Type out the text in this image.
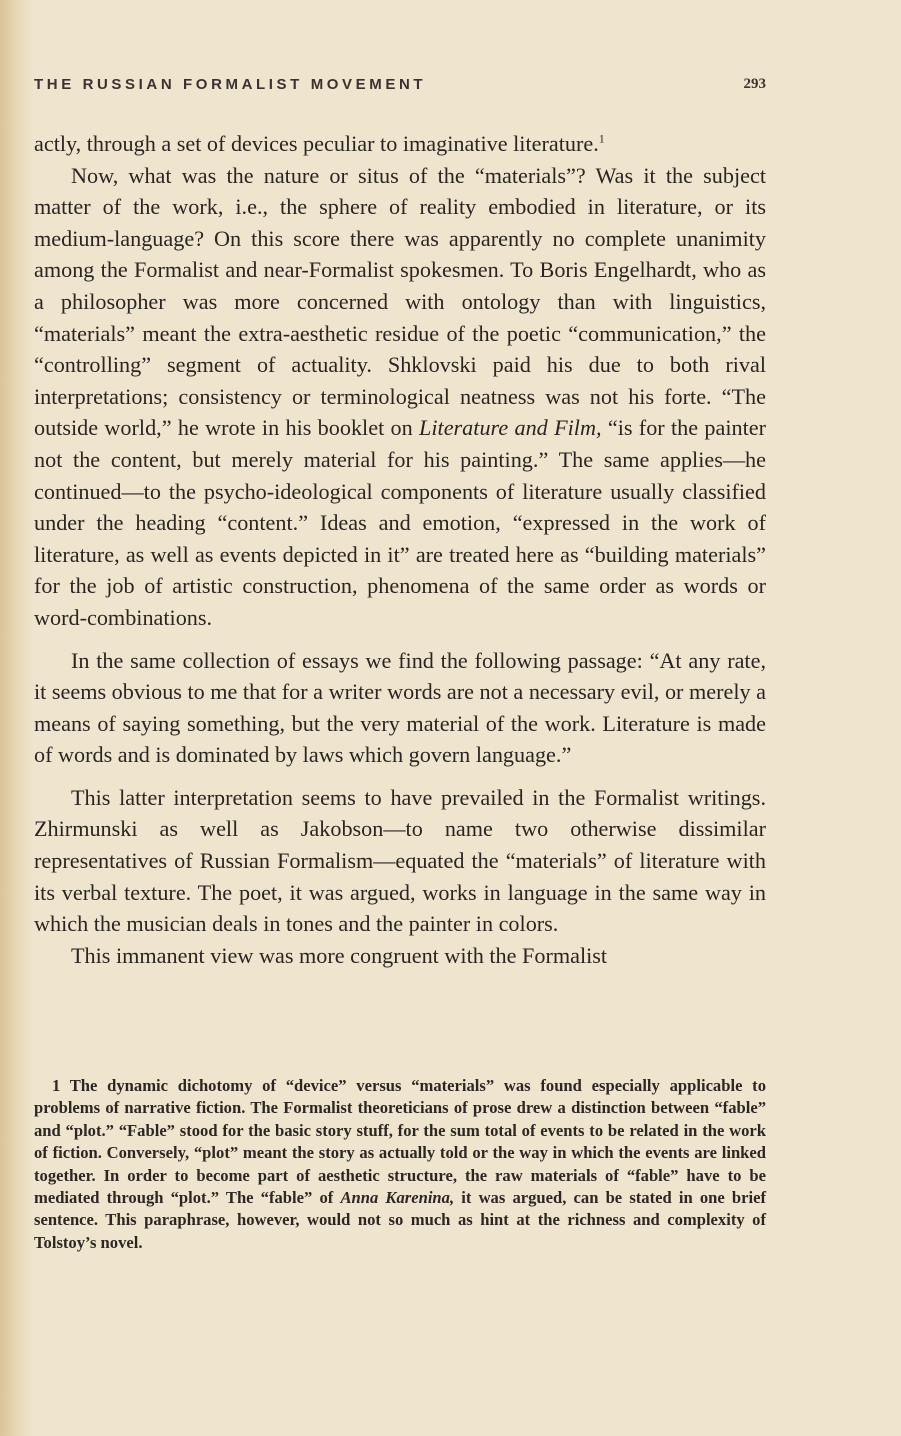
THE RUSSIAN FORMALIST MOVEMENT	293

actly, through a set of devices peculiar to imaginative literature.$^1$

Now, what was the nature or situs of the “materials”? Was it the subject matter of the work, i.e., the sphere of reality embodied in literature, or its medium-language? On this score there was apparently no complete unanimity among the Formalist and near-Formalist spokesmen. To Boris Engelhardt, who as a philosopher was more concerned with ontology than with linguistics, “materials” meant the extra-aesthetic residue of the poetic “communication,” the “controlling” segment of actuality. Shklovski paid his due to both rival interpretations; consistency or terminological neatness was not his forte. “The outside world,” he wrote in his booklet on Literature and Film, “is for the painter not the content, but merely material for his painting.” The same applies—he continued—to the psycho-ideological components of literature usually classified under the heading “content.” Ideas and emotion, “expressed in the work of literature, as well as events depicted in it” are treated here as “building materials” for the job of artistic construction, phenomena of the same order as words or word-combinations.

In the same collection of essays we find the following passage: “At any rate, it seems obvious to me that for a writer words are not a necessary evil, or merely a means of saying something, but the very material of the work. Literature is made of words and is dominated by laws which govern language.”

This latter interpretation seems to have prevailed in the Formalist writings. Zhirmunski as well as Jakobson—to name two otherwise dissimilar representatives of Russian Formalism—equated the “materials” of literature with its verbal texture. The poet, it was argued, works in language in the same way in which the musician deals in tones and the painter in colors.

This immanent view was more congruent with the Formalist

1 The dynamic dichotomy of “device” versus “materials” was found especially applicable to problems of narrative fiction. The Formalist theoreticians of prose drew a distinction between “fable” and “plot.” “Fable” stood for the basic story stuff, for the sum total of events to be related in the work of fiction. Conversely, “plot” meant the story as actually told or the way in which the events are linked together. In order to become part of aesthetic structure, the raw materials of “fable” have to be mediated through “plot.” The “fable” of Anna Karenina, it was argued, can be stated in one brief sentence. This paraphrase, however, would not so much as hint at the richness and complexity of Tolstoy’s novel.
